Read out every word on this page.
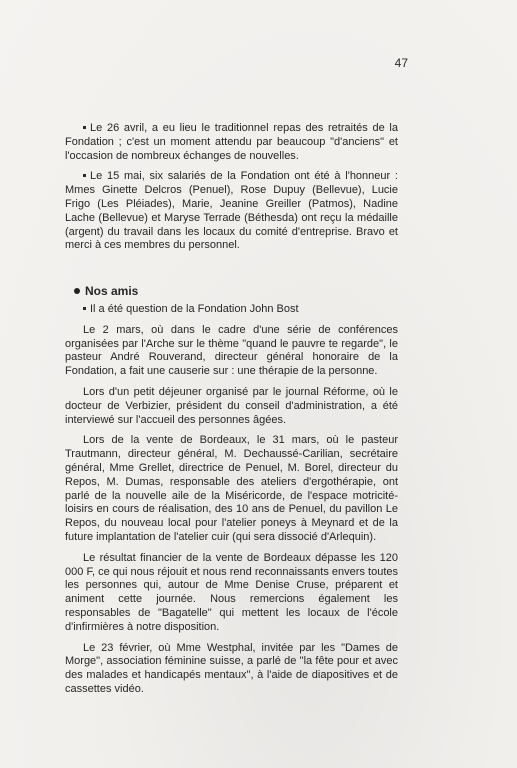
47

Le 26 avril, a eu lieu le traditionnel repas des retraités de la Fondation ; c'est un moment attendu par beaucoup "d'anciens" et l'occasion de nombreux échanges de nouvelles.

Le 15 mai, six salariés de la Fondation ont été à l'honneur : Mmes Ginette Delcros (Penuel), Rose Dupuy (Bellevue), Lucie Frigo (Les Pléiades), Marie, Jeanine Greiller (Patmos), Nadine Lache (Bellevue) et Maryse Terrade (Béthesda) ont reçu la médaille (argent) du travail dans les locaux du comité d'entreprise. Bravo et merci à ces membres du personnel.

Nos amis

Il a été question de la Fondation John Bost

Le 2 mars, où dans le cadre d'une série de conférences organisées par l'Arche sur le thème "quand le pauvre te regarde", le pasteur André Rouverand, directeur général honoraire de la Fondation, a fait une causerie sur : une thérapie de la personne.

Lors d'un petit déjeuner organisé par le journal Réforme, où le docteur de Verbizier, président du conseil d'administration, a été interviewé sur l'accueil des personnes âgées.

Lors de la vente de Bordeaux, le 31 mars, où le pasteur Trautmann, directeur général, M. Dechaussé-Carilian, secrétaire général, Mme Grellet, directrice de Penuel, M. Borel, directeur du Repos, M. Dumas, responsable des ateliers d'ergothérapie, ont parlé de la nouvelle aile de la Miséricorde, de l'espace motricité-loisirs en cours de réalisation, des 10 ans de Penuel, du pavillon Le Repos, du nouveau local pour l'atelier poneys à Meynard et de la future implantation de l'atelier cuir (qui sera dissocié d'Arlequin).

Le résultat financier de la vente de Bordeaux dépasse les 120 000 F, ce qui nous réjouit et nous rend reconnaissants envers toutes les personnes qui, autour de Mme Denise Cruse, préparent et animent cette journée. Nous remercions également les responsables de "Bagatelle" qui mettent les locaux de l'école d'infirmières à notre disposition.

Le 23 février, où Mme Westphal, invitée par les "Dames de Morge", association féminine suisse, a parlé de "la fête pour et avec des malades et handicapés mentaux", à l'aide de diapositives et de cassettes vidéo.
